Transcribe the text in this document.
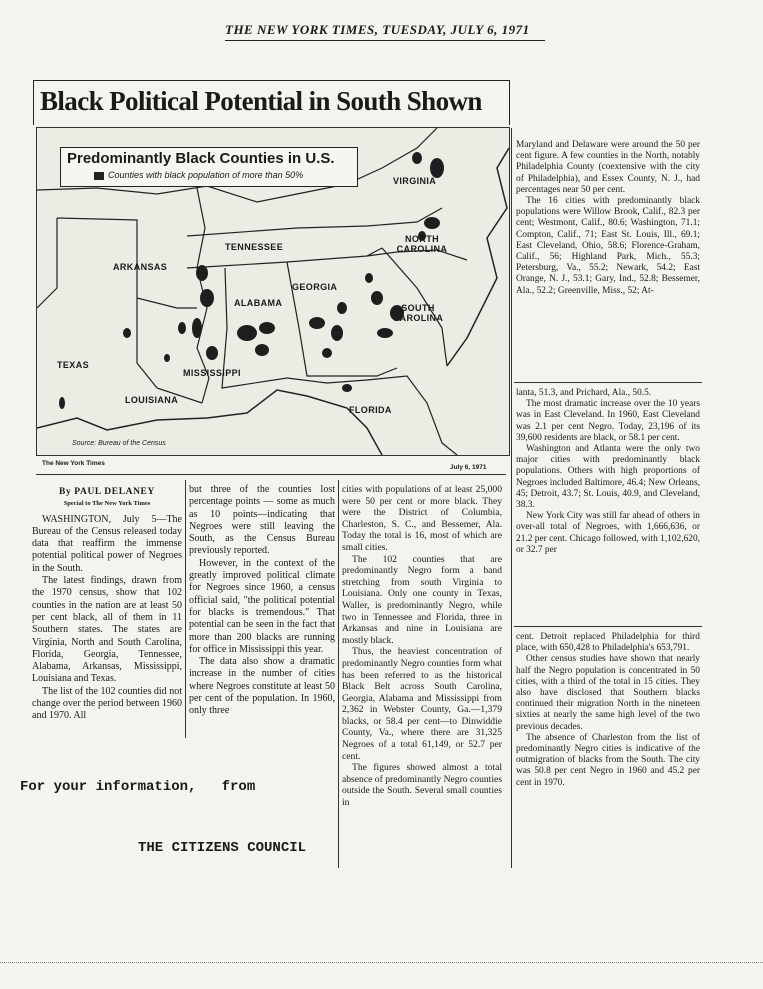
THE NEW YORK TIMES, TUESDAY, JULY 6, 1971
Black Political Potential in South Shown
VIRGINIA
TENNESSEE
NORTH CAROLINA
ARKANSAS
GEORGIA
ALABAMA	SOUTH CAROLINA
TEXAS
MISSISSIPPI
LOUISIANA
FLORIDA
Predominantly Black Counties in U.S.
Counties with black population of more than 50%
Source: Bureau of the Census
The New York Times
July 6, 1971
By PAUL DELANEY
Special to The New York Times

WASHINGTON, July 5—The Bureau of the Census released today data that reaffirm the immense potential political power of Negroes in the South.

The latest findings, drawn from the 1970 census, show that 102 counties in the nation are at least 50 per cent black, all of them in 11 Southern states. The states are Virginia, North and South Carolina, Florida, Georgia, Tennessee, Alabama, Arkansas, Mississippi, Louisiana and Texas.

The list of the 102 counties did not change over the period between 1960 and 1970. All

but three of the counties lost percentage points — some as much as 10 points—indicating that Negroes were still leaving the South, as the Census Bureau previously reported.

However, in the context of the greatly improved political climate for Negroes since 1960, a census official said, "the political potential for blacks is tremendous." That potential can be seen in the fact that more than 200 blacks are running for office in Mississippi this year.

The data also show a dramatic increase in the number of cities where Negroes constitute at least 50 per cent of the population. In 1960, only three

cities with populations of at least 25,000 were 50 per cent or more black. They were the District of Columbia, Charleston, S. C., and Bessemer, Ala. Today the total is 16, most of which are small cities.

The 102 counties that are predominantly Negro form a band stretching from south Virginia to Louisiana. Only one county in Texas, Waller, is predominantly Negro, while two in Tennessee and Florida, three in Arkansas and nine in Louisiana are mostly black.

Thus, the heaviest concentration of predominantly Negro counties form what has been referred to as the historical Black Belt across South Carolina, Georgia, Alabama and Mississippi from 2,362 in Webster County, Ga.—1,379 blacks, or 58.4 per cent—to Dinwiddie County, Va., where there are 31,325 Negroes of a total 61,149, or 52.7 per cent.

The figures showed almost a total absence of predominantly Negro counties outside the South. Several small counties in

Maryland and Delaware were around the 50 per cent figure. A few counties in the North, notably Philadelphia County (coextensive with the city of Philadelphia), and Essex County, N. J., had percentages near 50 per cent.

The 16 cities with predominantly black populations were Willow Brook, Calif., 82.3 per cent; Westmont, Calif., 80.6; Washington, 71.1; Compton, Calif., 71; East St. Louis, Ill., 69.1; East Cleveland, Ohio, 58.6; Florence-Graham, Calif., 56; Highland Park, Mich., 55.3; Petersburg, Va., 55.2; Newark, 54.2; East Orange, N. J., 53.1; Gary, Ind., 52.8; Bessemer, Ala., 52.2; Greenville, Miss., 52; At-

lanta, 51.3, and Prichard, Ala., 50.5.

The most dramatic increase over the 10 years was in East Cleveland. In 1960, East Cleveland was 2.1 per cent Negro. Today, 23,196 of its 39,600 residents are black, or 58.1 per cent.

Washington and Atlanta were the only two major cities with predominantly black populations. Others with high proportions of Negroes included Baltimore, 46.4; New Orleans, 45; Detroit, 43.7; St. Louis, 40.9, and Cleveland, 38.3.

New York City was still far ahead of others in over-all total of Negroes, with 1,666,636, or 21.2 per cent. Chicago followed, with 1,102,620, or 32.7 per

cent. Detroit replaced Philadelphia for third place, with 650,428 to Philadelphia's 653,791.

Other census studies have shown that nearly half the Negro population is concentrated in 50 cities, with a third of the total in 15 cities. They also have disclosed that Southern blacks continued their migration North in the nineteen sixties at nearly the same high level of the two previous decades.

The absence of Charleston from the list of predominantly Negro cities is indicative of the outmigration of blacks from the South. The city was 50.8 per cent Negro in 1960 and 45.2 per cent in 1970.

For your information,   from
THE CITIZENS COUNCIL
